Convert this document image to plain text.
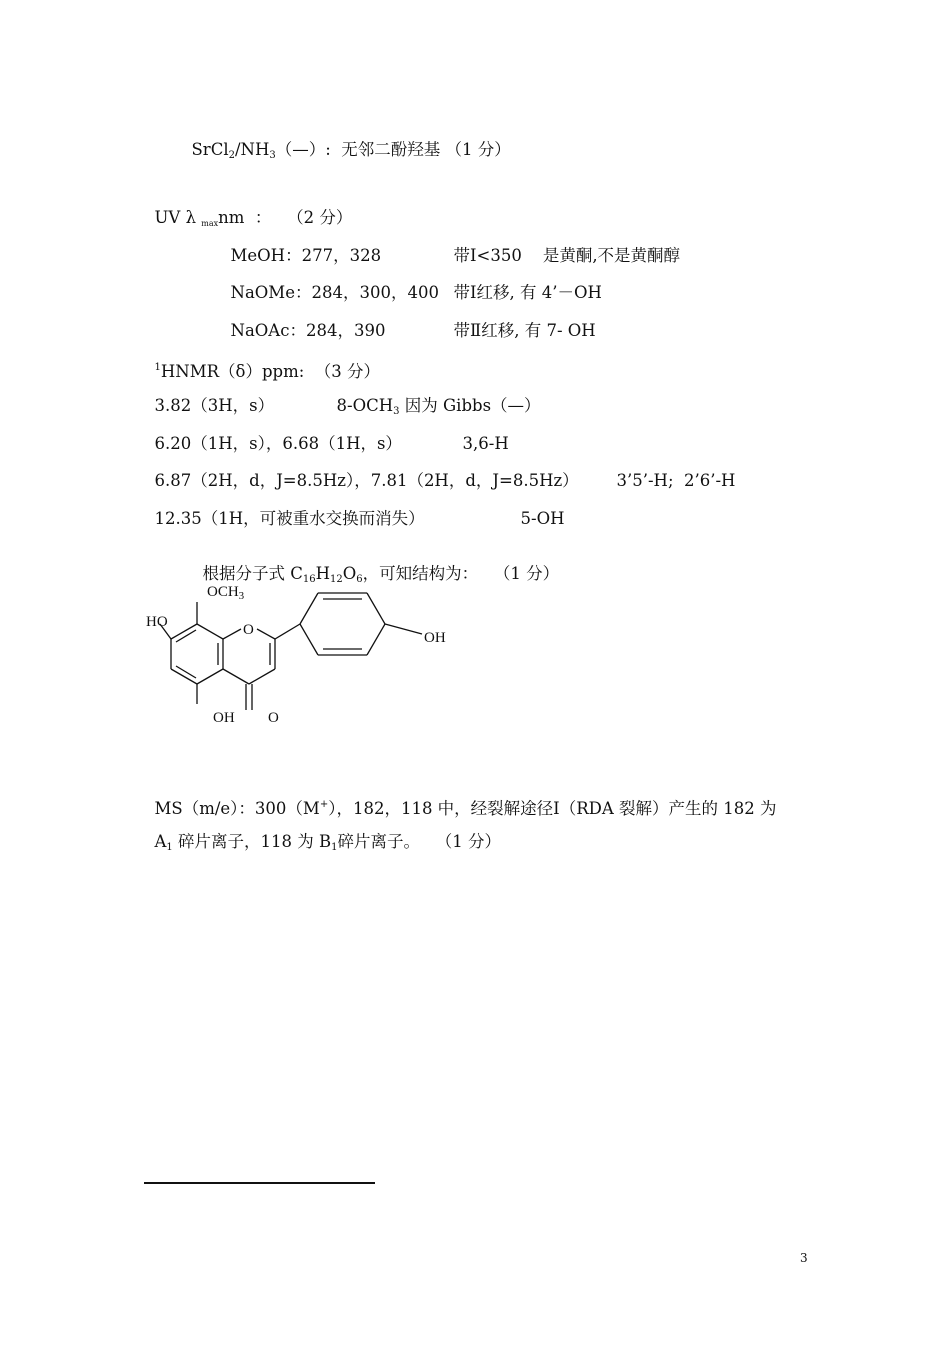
$SrCl_2/NH_3(—)$:  无邻二酚羟基 （1 分）

UV λ maxnm  ：   （2 分）

MeOH：277，328	带Ⅰ<350    是黄酮,不是黄酮醇

NaOMe：284，300，400 带Ⅰ红移, 有 4’－OH

NaOAc：284，390	带Ⅱ红移, 有 7- OH

$^1$HNMR（δ）ppm:  （3 分）

3.82（3H，s）	$8-OCH_3$ 因为 Gibbs（—）

6.20（1H，s），6.68（1H，s）	3,6-H

6.87（2H，d，J=8.5Hz），7.81（2H，d，J=8.5Hz）	3’5’-H;  2’6’-H

12.35（1H，可被重水交换而消失）	5-OH

根据分子式 $C_{16}H_{12}O_6$，可知结构为：   （1 分）

$OCH_3$
HO	O	OH
OH O

MS（m/e）：300（M+），182，118 中，经裂解途径Ⅰ（RDA 裂解）产生的 182 为

$A_1$ 碎片离子，118 为 $B_1$碎片离子。   （1 分）

3
